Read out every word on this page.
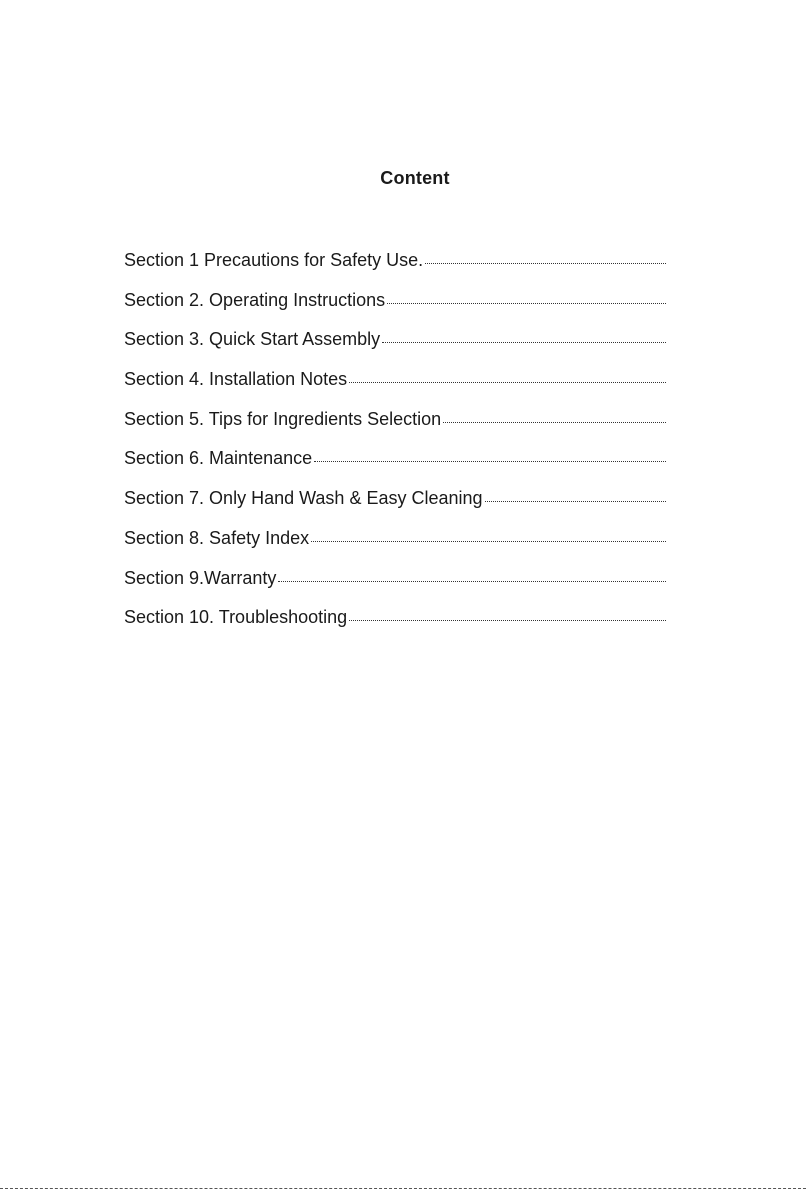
Content
Section 1 Precautions for Safety Use.
Section 2. Operating Instructions
Section 3. Quick Start Assembly
Section 4. Installation Notes
Section 5. Tips for Ingredients Selection
Section 6. Maintenance
Section 7. Only Hand Wash & Easy Cleaning
Section 8. Safety Index
Section 9.Warranty
Section 10. Troubleshooting
